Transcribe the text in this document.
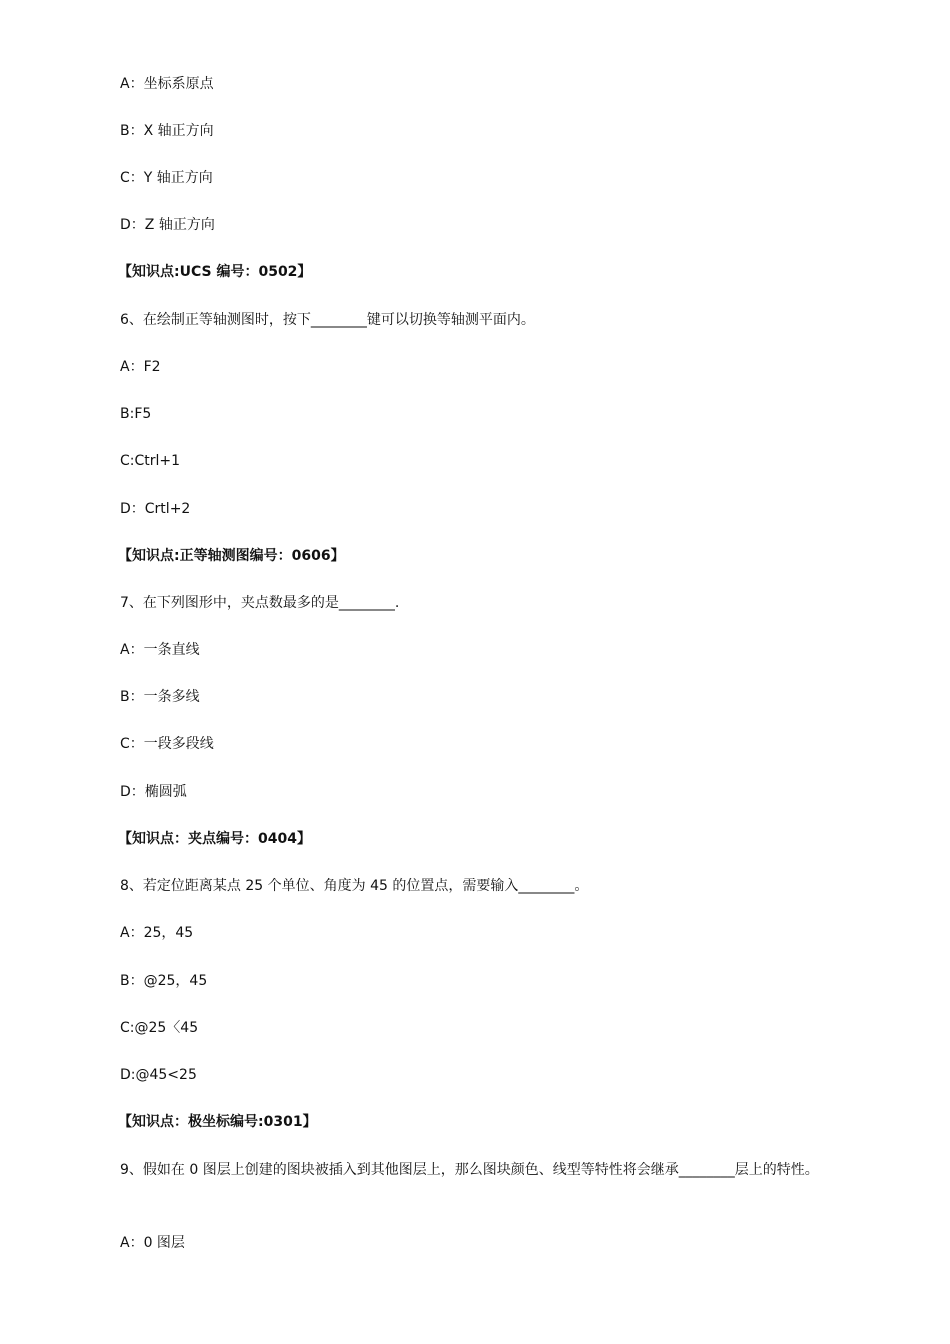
A：坐标系原点
B：X 轴正方向
C：Y 轴正方向
D：Z 轴正方向
【知识点:UCS 编号：0502】
6、在绘制正等轴测图时，按下________键可以切换等轴测平面内。
A：F2
B:F5
C:Ctrl+1
D：Crtl+2
【知识点:正等轴测图编号：0606】
7、在下列图形中，夹点数最多的是________.
A：一条直线
B：一条多线
C：一段多段线
D：椭圆弧
【知识点：夹点编号：0404】
8、若定位距离某点 25 个单位、角度为 45 的位置点，需要输入________。
A：25，45
B：@25，45
C:@25〈45
D:@45<25
【知识点：极坐标编号:0301】
9、假如在 0 图层上创建的图块被插入到其他图层上，那么图块颜色、线型等特性将会继承________层上的特性。
A：0 图层
